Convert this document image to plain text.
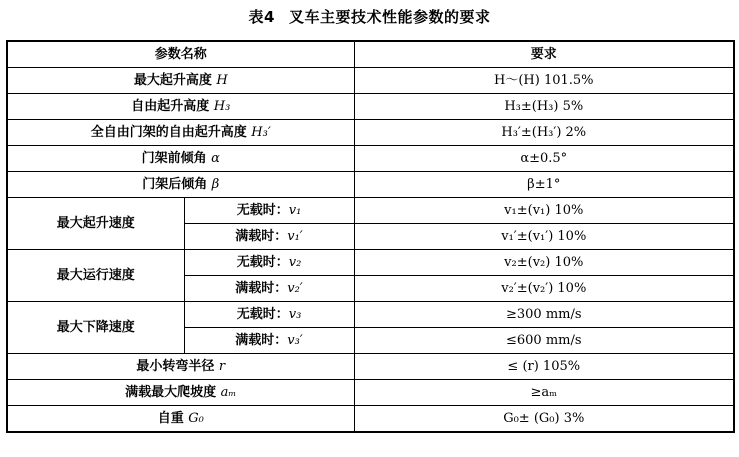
表4 叉车主要技术性能参数的要求
参数名称		要求
最大起升高度 H		H～(H) 101.5%
自由起升高度 H₃		H₃±(H₃) 5%
全自由门架的自由起升高度 H₃′		H₃′±(H₃′) 2%
门架前倾角 α		α±0.5°
门架后倾角 β		β±1°
最大起升速度	无载时：v₁	v₁±(v₁) 10%
	满载时：v₁′	v₁′±(v₁′) 10%
最大运行速度	无载时：v₂	v₂±(v₂) 10%
	满载时：v₂′	v₂′±(v₂′) 10%
最大下降速度	无载时：v₃	≥300 mm/s
	满载时：v₃′	≤600 mm/s
最小转弯半径 r		≤ (r) 105%
满载最大爬坡度 aₘ		≥aₘ
自重 G₀		G₀± (G₀) 3%
